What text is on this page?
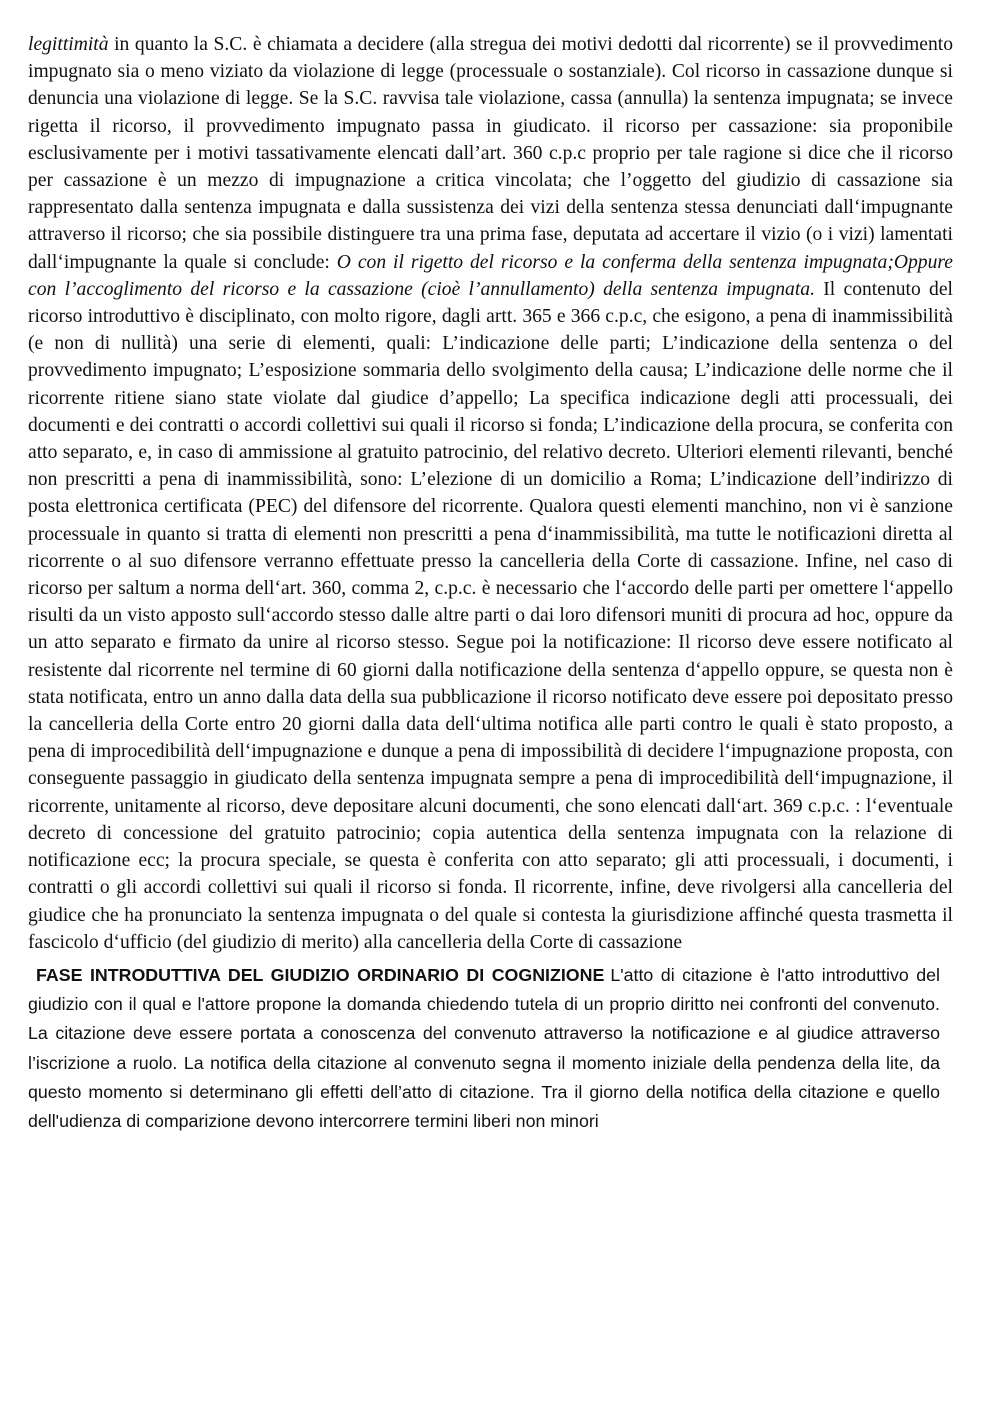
legittimità in quanto la S.C. è chiamata a decidere (alla stregua dei motivi dedotti dal ricorrente) se il provvedimento impugnato sia o meno viziato da violazione di legge (processuale o sostanziale). Col ricorso in cassazione dunque si denuncia una violazione di legge. Se la S.C. ravvisa tale violazione, cassa (annulla) la sentenza impugnata; se invece rigetta il ricorso, il provvedimento impugnato passa in giudicato. il ricorso per cassazione: sia proponibile esclusivamente per i motivi tassativamente elencati dall’art. 360 c.p.c proprio per tale ragione si dice che il ricorso per cassazione è un mezzo di impugnazione a critica vincolata; che l’oggetto del giudizio di cassazione sia rappresentato dalla sentenza impugnata e dalla sussistenza dei vizi della sentenza stessa denunciati dall‘impugnante attraverso il ricorso; che sia possibile distinguere tra una prima fase, deputata ad accertare il vizio (o i vizi) lamentati dall‘impugnante la quale si conclude: O con il rigetto del ricorso e la conferma della sentenza impugnata;Oppure con l’accoglimento del ricorso e la cassazione (cioè l’annullamento) della sentenza impugnata. Il contenuto del ricorso introduttivo è disciplinato, con molto rigore, dagli artt. 365 e 366 c.p.c, che esigono, a pena di inammissibilità (e non di nullità) una serie di elementi, quali: L’indicazione delle parti; L’indicazione della sentenza o del provvedimento impugnato; L’esposizione sommaria dello svolgimento della causa; L’indicazione delle norme che il ricorrente ritiene siano state violate dal giudice d’appello; La specifica indicazione degli atti processuali, dei documenti e dei contratti o accordi collettivi sui quali il ricorso si fonda; L’indicazione della procura, se conferita con atto separato, e, in caso di ammissione al gratuito patrocinio, del relativo decreto. Ulteriori elementi rilevanti, benché non prescritti a pena di inammissibilità, sono: L’elezione di un domicilio a Roma; L’indicazione dell’indirizzo di posta elettronica certificata (PEC) del difensore del ricorrente. Qualora questi elementi manchino, non vi è sanzione processuale in quanto si tratta di elementi non prescritti a pena d‘inammissibilità, ma tutte le notificazioni diretta al ricorrente o al suo difensore verranno effettuate presso la cancelleria della Corte di cassazione. Infine, nel caso di ricorso per saltum a norma dell‘art. 360, comma 2, c.p.c. è necessario che l‘accordo delle parti per omettere l‘appello risulti da un visto apposto sull‘accordo stesso dalle altre parti o dai loro difensori muniti di procura ad hoc, oppure da un atto separato e firmato da unire al ricorso stesso. Segue poi la notificazione: Il ricorso deve essere notificato al resistente dal ricorrente nel termine di 60 giorni dalla notificazione della sentenza d‘appello oppure, se questa non è stata notificata, entro un anno dalla data della sua pubblicazione il ricorso notificato deve essere poi depositato presso la cancelleria della Corte entro 20 giorni dalla data dell‘ultima notifica alle parti contro le quali è stato proposto, a pena di improcedibilità dell‘impugnazione e dunque a pena di impossibilità di decidere l‘impugnazione proposta, con conseguente passaggio in giudicato della sentenza impugnata sempre a pena di improcedibilità dell‘impugnazione, il ricorrente, unitamente al ricorso, deve depositare alcuni documenti, che sono elencati dall‘art. 369 c.p.c. : l‘eventuale decreto di concessione del gratuito patrocinio; copia autentica della sentenza impugnata con la relazione di notificazione ecc; la procura speciale, se questa è conferita con atto separato; gli atti processuali, i documenti, i contratti o gli accordi collettivi sui quali il ricorso si fonda. Il ricorrente, infine, deve rivolgersi alla cancelleria del giudice che ha pronunciato la sentenza impugnata o del quale si contesta la giurisdizione affinché questa trasmetta il fascicolo d‘ufficio (del giudizio di merito) alla cancelleria della Corte di cassazione

FASE INTRODUTTIVA DEL GIUDIZIO ORDINARIO DI COGNIZIONE L'atto di citazione è l'atto introduttivo del giudizio con il qual e l'attore propone la domanda chiedendo tutela di un proprio diritto nei confronti del convenuto. La citazione deve essere portata a conoscenza del convenuto attraverso la notificazione e al giudice attraverso l’iscrizione a ruolo. La notifica della citazione al convenuto segna il momento iniziale della pendenza della lite, da questo momento si determinano gli effetti dell’atto di citazione. Tra il giorno della notifica della citazione e quello dell'udienza di comparizione devono intercorrere termini liberi non minori
